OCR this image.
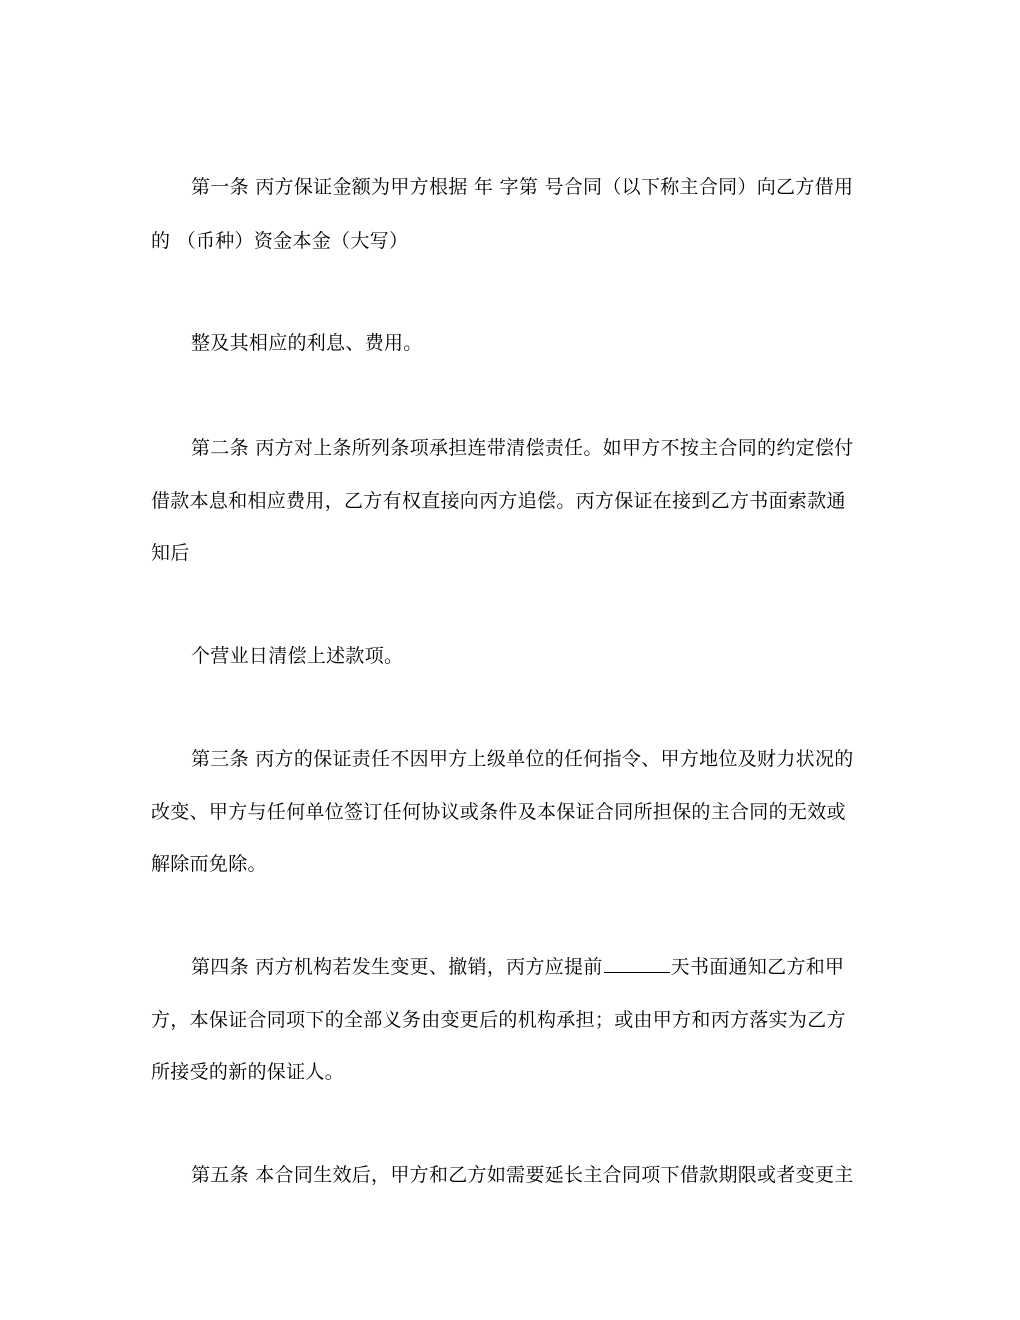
第一条 丙方保证金额为甲方根据 年 字第 号合同（以下称主合同）向乙方借用
的 （币种）资金本金（大写）
整及其相应的利息、费用。
第二条 丙方对上条所列条项承担连带清偿责任。如甲方不按主合同的约定偿付
借款本息和相应费用，乙方有权直接向丙方追偿。丙方保证在接到乙方书面索款通
知后
个营业日清偿上述款项。
第三条 丙方的保证责任不因甲方上级单位的任何指令、甲方地位及财力状况的
改变、甲方与任何单位签订任何协议或条件及本保证合同所担保的主合同的无效或
解除而免除。
第四条 丙方机构若发生变更、撤销，丙方应提前	天书面通知乙方和甲
方，本保证合同项下的全部义务由变更后的机构承担；或由甲方和丙方落实为乙方
所接受的新的保证人。
第五条 本合同生效后，甲方和乙方如需要延长主合同项下借款期限或者变更主
